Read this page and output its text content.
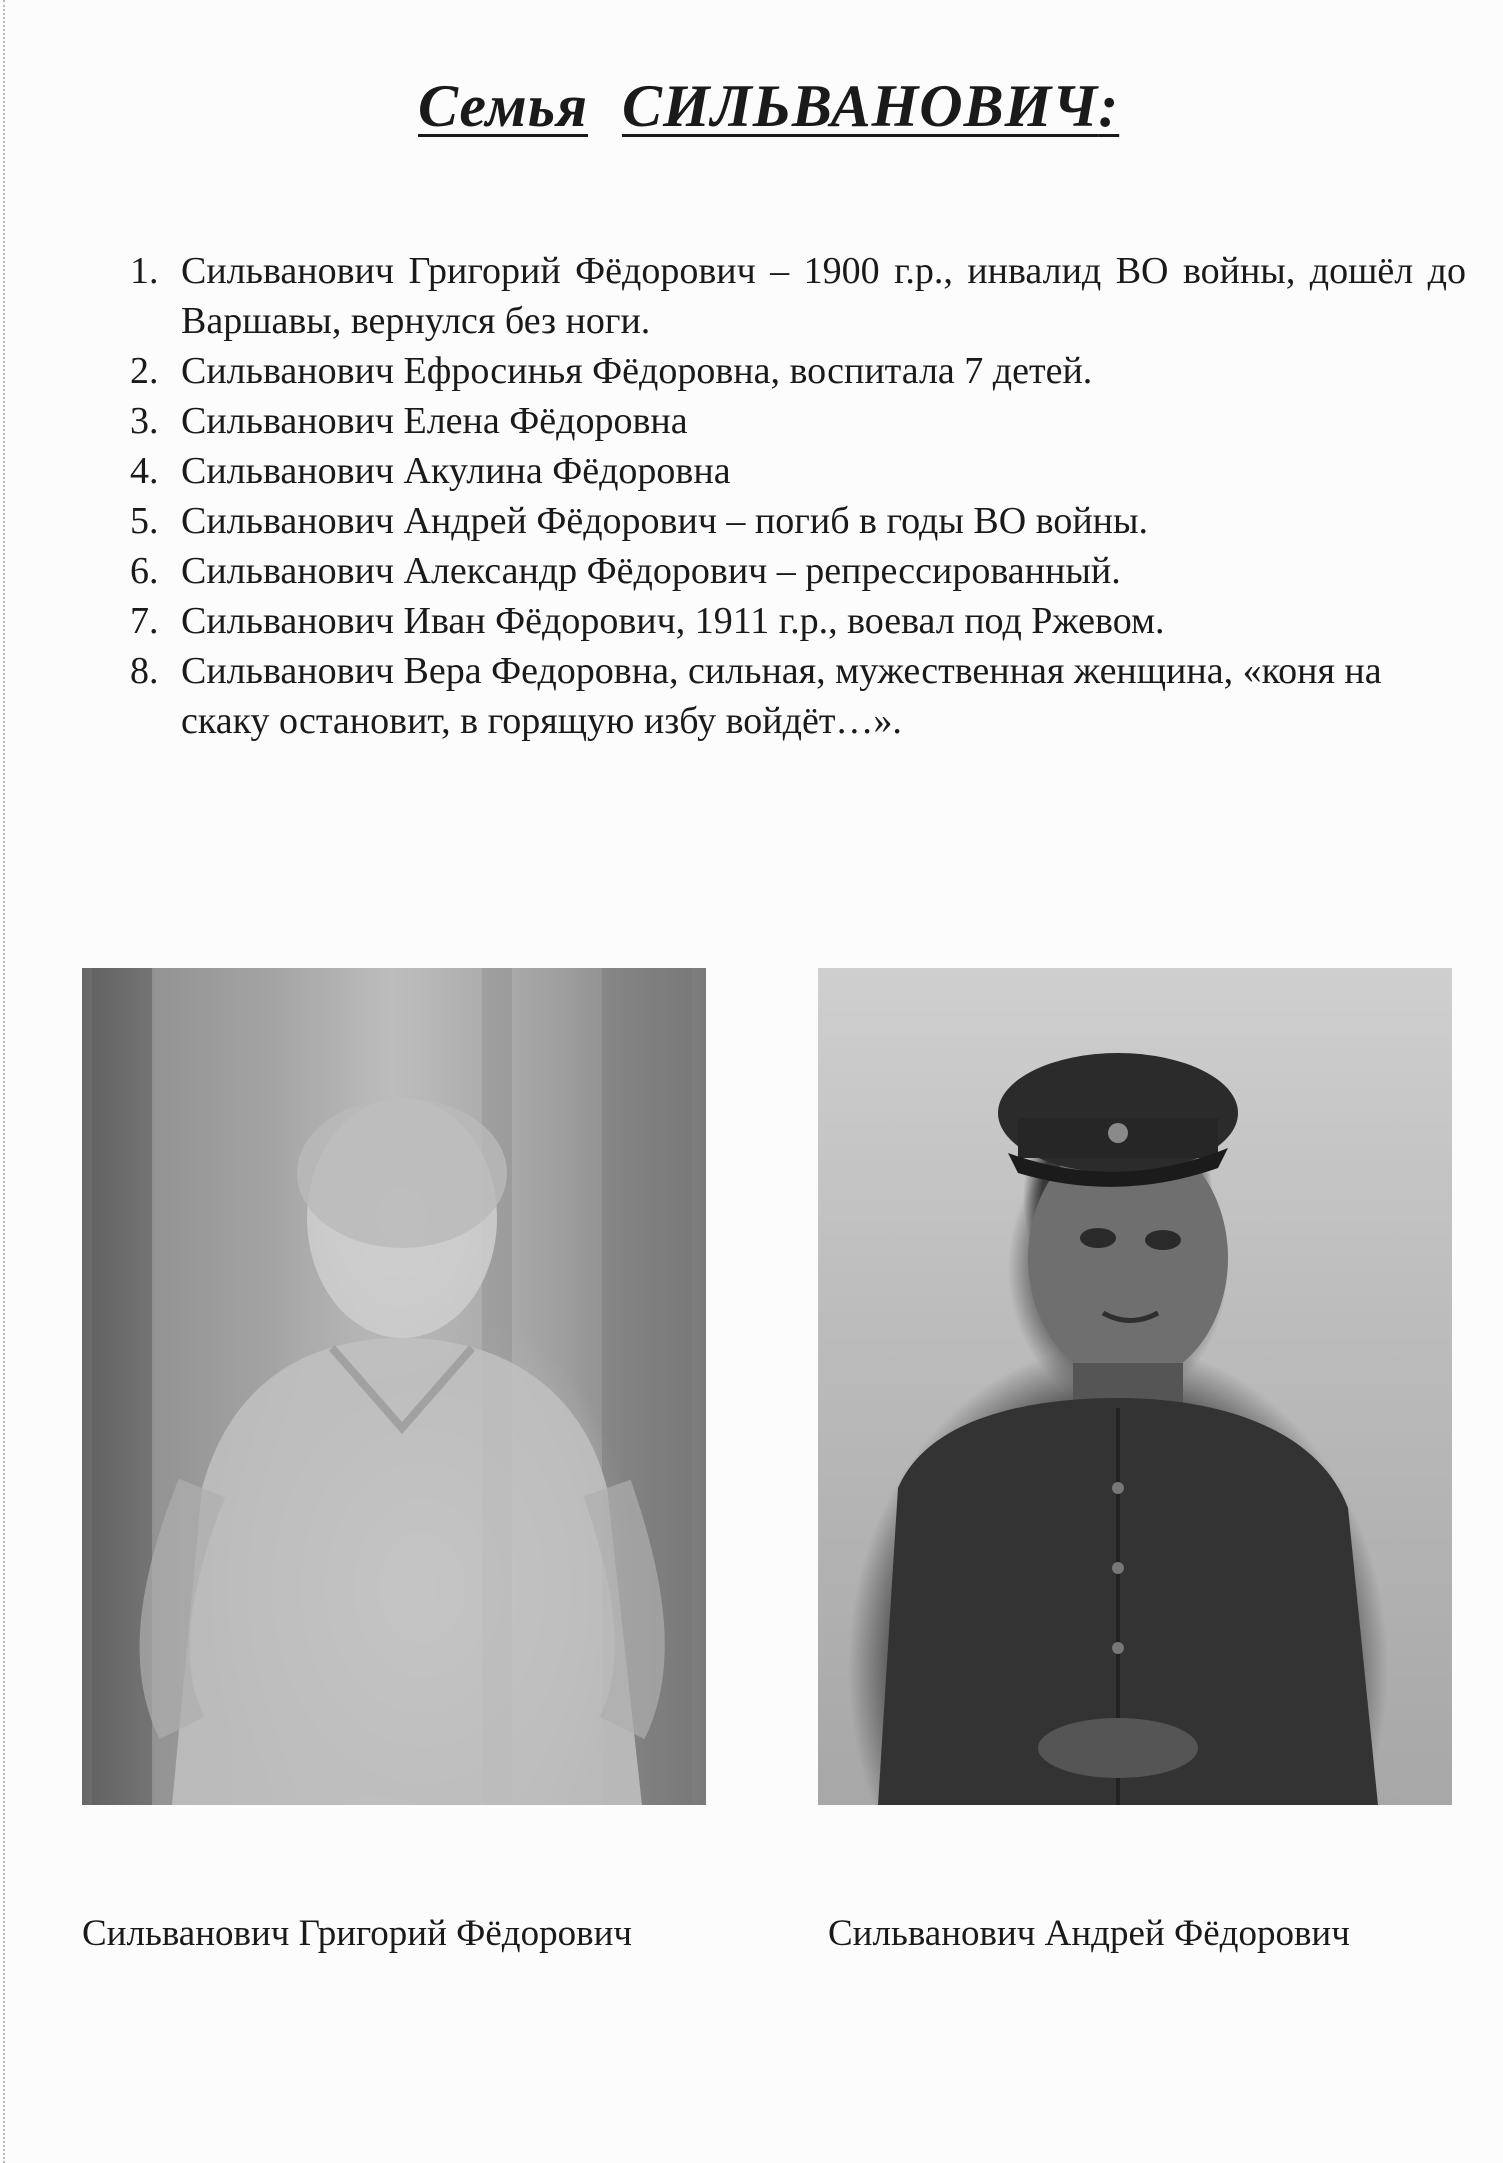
Семья СИЛЬВАНОВИЧ:
1. Сильванович Григорий Фёдорович – 1900 г.р., инвалид ВО войны, дошёл до Варшавы, вернулся без ноги.
2. Сильванович Ефросинья Фёдоровна, воспитала 7 детей.
3. Сильванович Елена Фёдоровна
4. Сильванович Акулина Фёдоровна
5. Сильванович Андрей Фёдорович – погиб в годы ВО войны.
6. Сильванович Александр Фёдорович – репрессированный.
7. Сильванович Иван Фёдорович, 1911 г.р., воевал под Ржевом.
8. Сильванович Вера Федоровна, сильная, мужественная женщина, «коня на скаку остановит, в горящую избу войдёт…».
Сильванович Григорий Фёдорович	Сильванович Андрей Фёдорович
